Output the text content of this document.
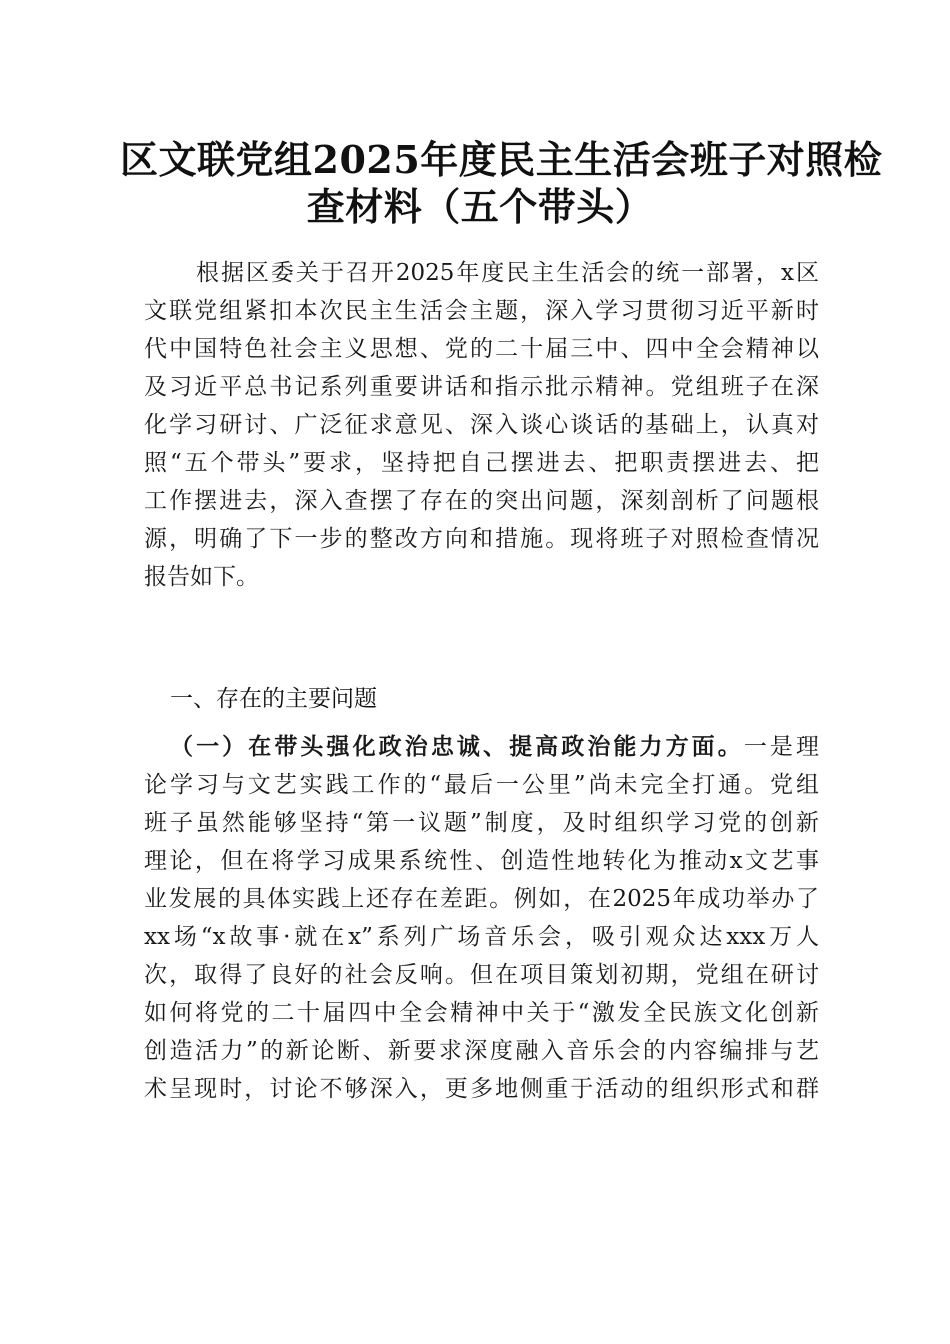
区文联党组2025年度民主生活会班子对照检
查材料（五个带头）
根据区委关于召开2025年度民主生活会的统一部署，x区
文联党组紧扣本次民主生活会主题，深入学习贯彻习近平新时
代中国特色社会主义思想、党的二十届三中、四中全会精神以
及习近平总书记系列重要讲话和指示批示精神。党组班子在深
化学习研讨、广泛征求意见、深入谈心谈话的基础上，认真对
照“五个带头”要求，坚持把自己摆进去、把职责摆进去、把
工作摆进去，深入查摆了存在的突出问题，深刻剖析了问题根
源，明确了下一步的整改方向和措施。现将班子对照检查情况
报告如下。
一、存在的主要问题
（一）在带头强化政治忠诚、提高政治能力方面。一是理
论学习与文艺实践工作的“最后一公里”尚未完全打通。党组
班子虽然能够坚持“第一议题”制度，及时组织学习党的创新
理论，但在将学习成果系统性、创造性地转化为推动x文艺事
业发展的具体实践上还存在差距。例如，在2025年成功举办了
xx场“x故事·就在x”系列广场音乐会，吸引观众达xxx万人
次，取得了良好的社会反响。但在项目策划初期，党组在研讨
如何将党的二十届四中全会精神中关于“激发全民族文化创新
创造活力”的新论断、新要求深度融入音乐会的内容编排与艺
术呈现时，讨论不够深入，更多地侧重于活动的组织形式和群
